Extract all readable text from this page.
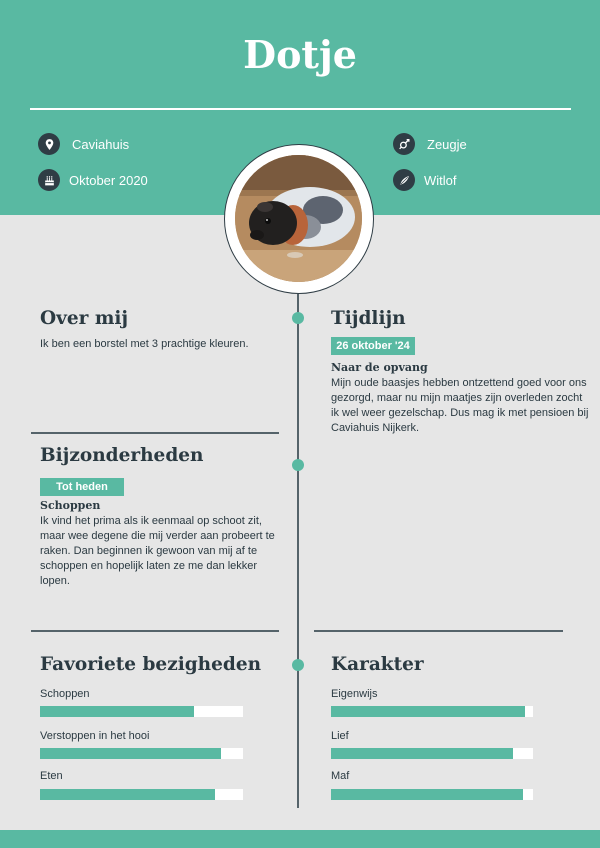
Dotje
Caviahuis
Oktober 2020
Zeugje
Witlof
Over mij

Ik ben een borstel met 3 prachtige kleuren.

Tijdlijn
26 oktober '24

Naar de opvang

Mijn oude baasjes hebben ontzettend goed voor ons gezorgd, maar nu mijn maatjes zijn overleden zocht ik wel weer gezelschap. Dus mag ik met pensioen bij Caviahuis Nijkerk.

Bijzonderheden
Tot heden

Schoppen

Ik vind het prima als ik eenmaal op schoot zit, maar wee degene die mij verder aan probeert te raken. Dan beginnen ik gewoon van mij af te schoppen en hopelijk laten ze me dan lekker lopen.

Favoriete bezigheden

Schoppen

Verstoppen in het hooi

Eten

Karakter

Eigenwijs

Lief

Maf
